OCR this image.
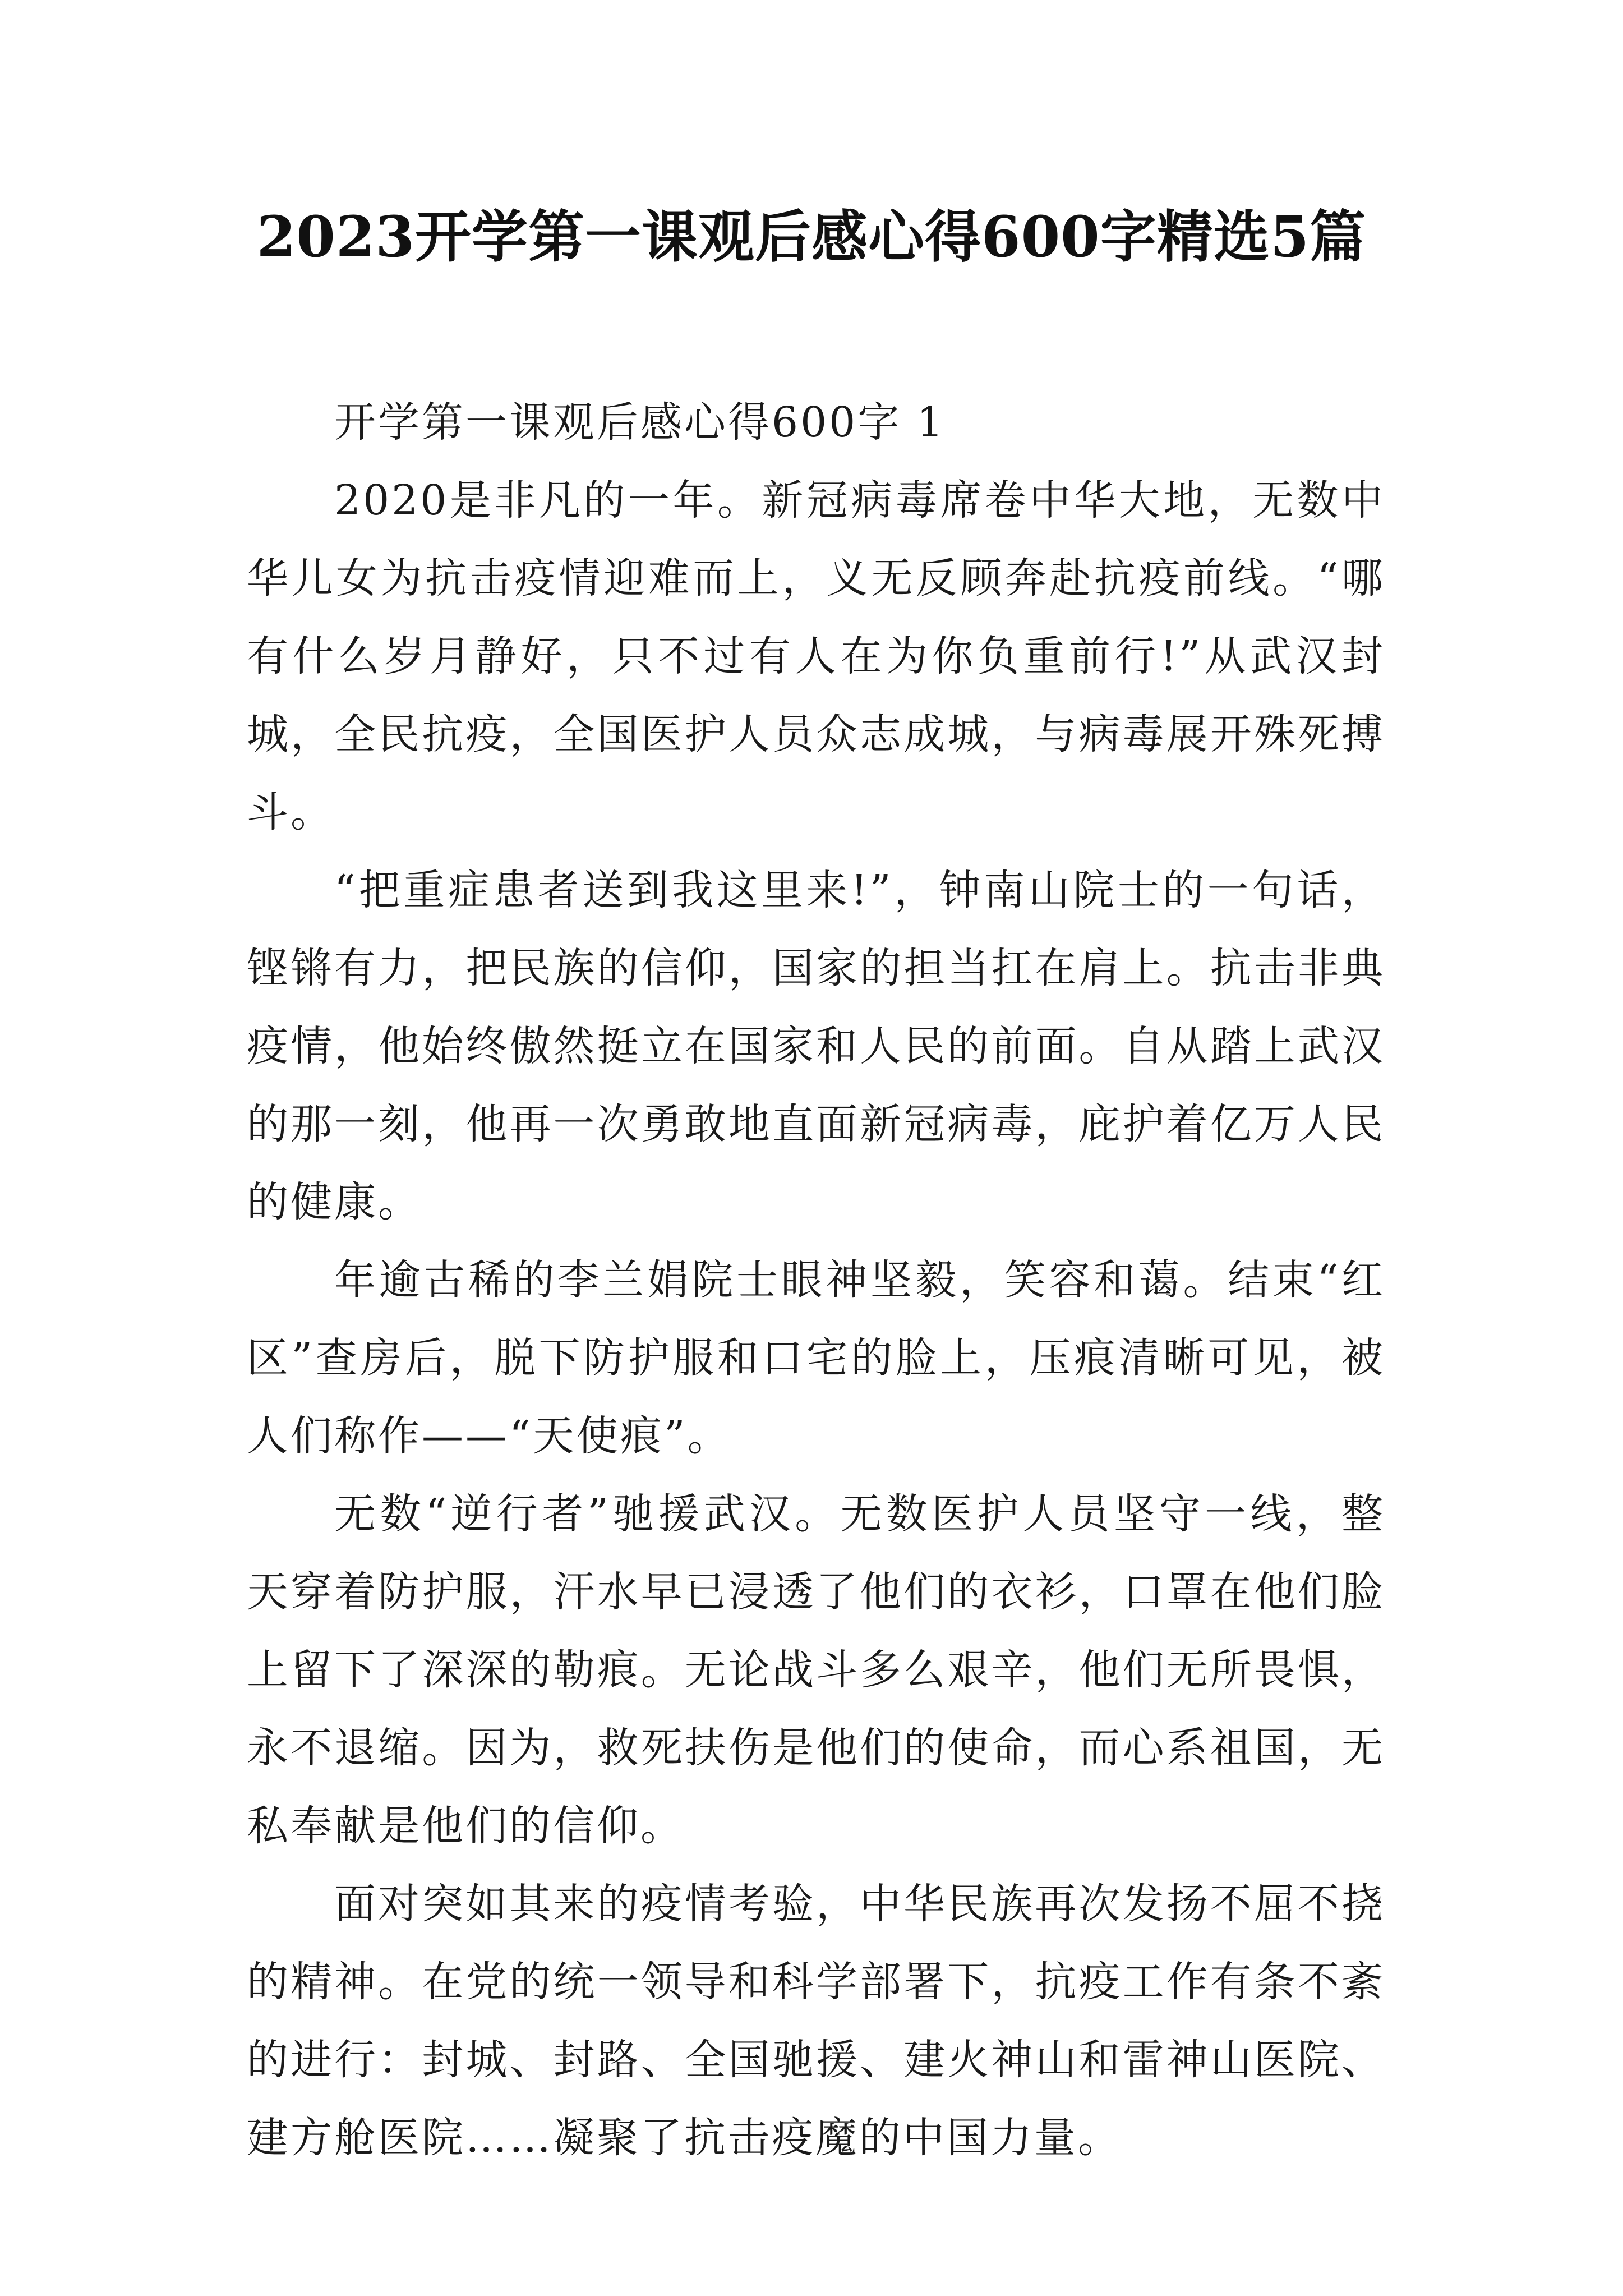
2023开学第一课观后感心得600字精选5篇

开学第一课观后感心得600字 1

2020是非凡的一年。新冠病毒席卷中华大地，无数中华儿女为抗击疫情迎难而上，义无反顾奔赴抗疫前线。“哪有什么岁月静好，只不过有人在为你负重前行!”从武汉封城，全民抗疫，全国医护人员众志成城，与病毒展开殊死搏斗。

“把重症患者送到我这里来!”，钟南山院士的一句话，铿锵有力，把民族的信仰，国家的担当扛在肩上。抗击非典疫情，他始终傲然挺立在国家和人民的前面。自从踏上武汉的那一刻，他再一次勇敢地直面新冠病毒，庇护着亿万人民的健康。

年逾古稀的李兰娟院士眼神坚毅，笑容和蔼。结束“红区”查房后，脱下防护服和口宅的脸上，压痕清晰可见，被人们称作——“天使痕”。

无数“逆行者”驰援武汉。无数医护人员坚守一线，整天穿着防护服，汗水早已浸透了他们的衣衫，口罩在他们脸上留下了深深的勒痕。无论战斗多么艰辛，他们无所畏惧，永不退缩。因为，救死扶伤是他们的使命，而心系祖国，无私奉献是他们的信仰。

面对突如其来的疫情考验，中华民族再次发扬不屈不挠的精神。在党的统一领导和科学部署下，抗疫工作有条不紊的进行：封城、封路、全国驰援、建火神山和雷神山医院、建方舱医院……凝聚了抗击疫魔的中国力量。
